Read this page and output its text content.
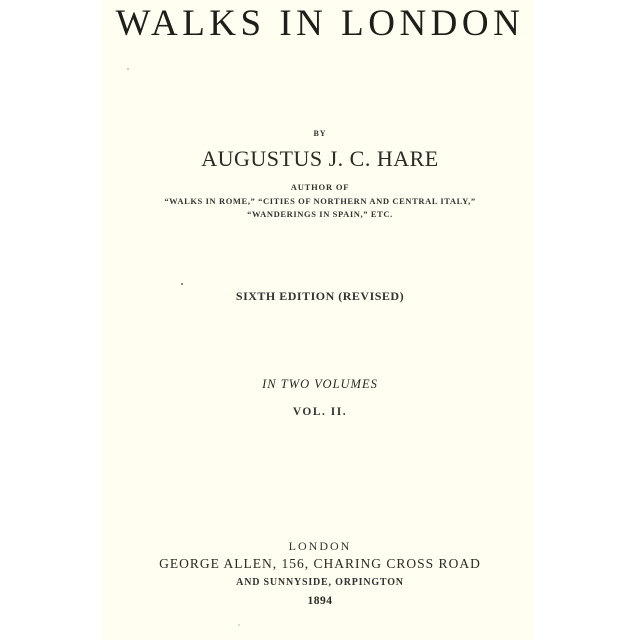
WALKS IN LONDON
BY
AUGUSTUS J. C. HARE
AUTHOR OF
“WALKS IN ROME,” “CITIES OF NORTHERN AND CENTRAL ITALY,”
“WANDERINGS IN SPAIN,” ETC.
SIXTH EDITION (REVISED)
IN TWO VOLUMES
VOL. II.
LONDON
GEORGE ALLEN, 156, CHARING CROSS ROAD
AND SUNNYSIDE, ORPINGTON
1894
